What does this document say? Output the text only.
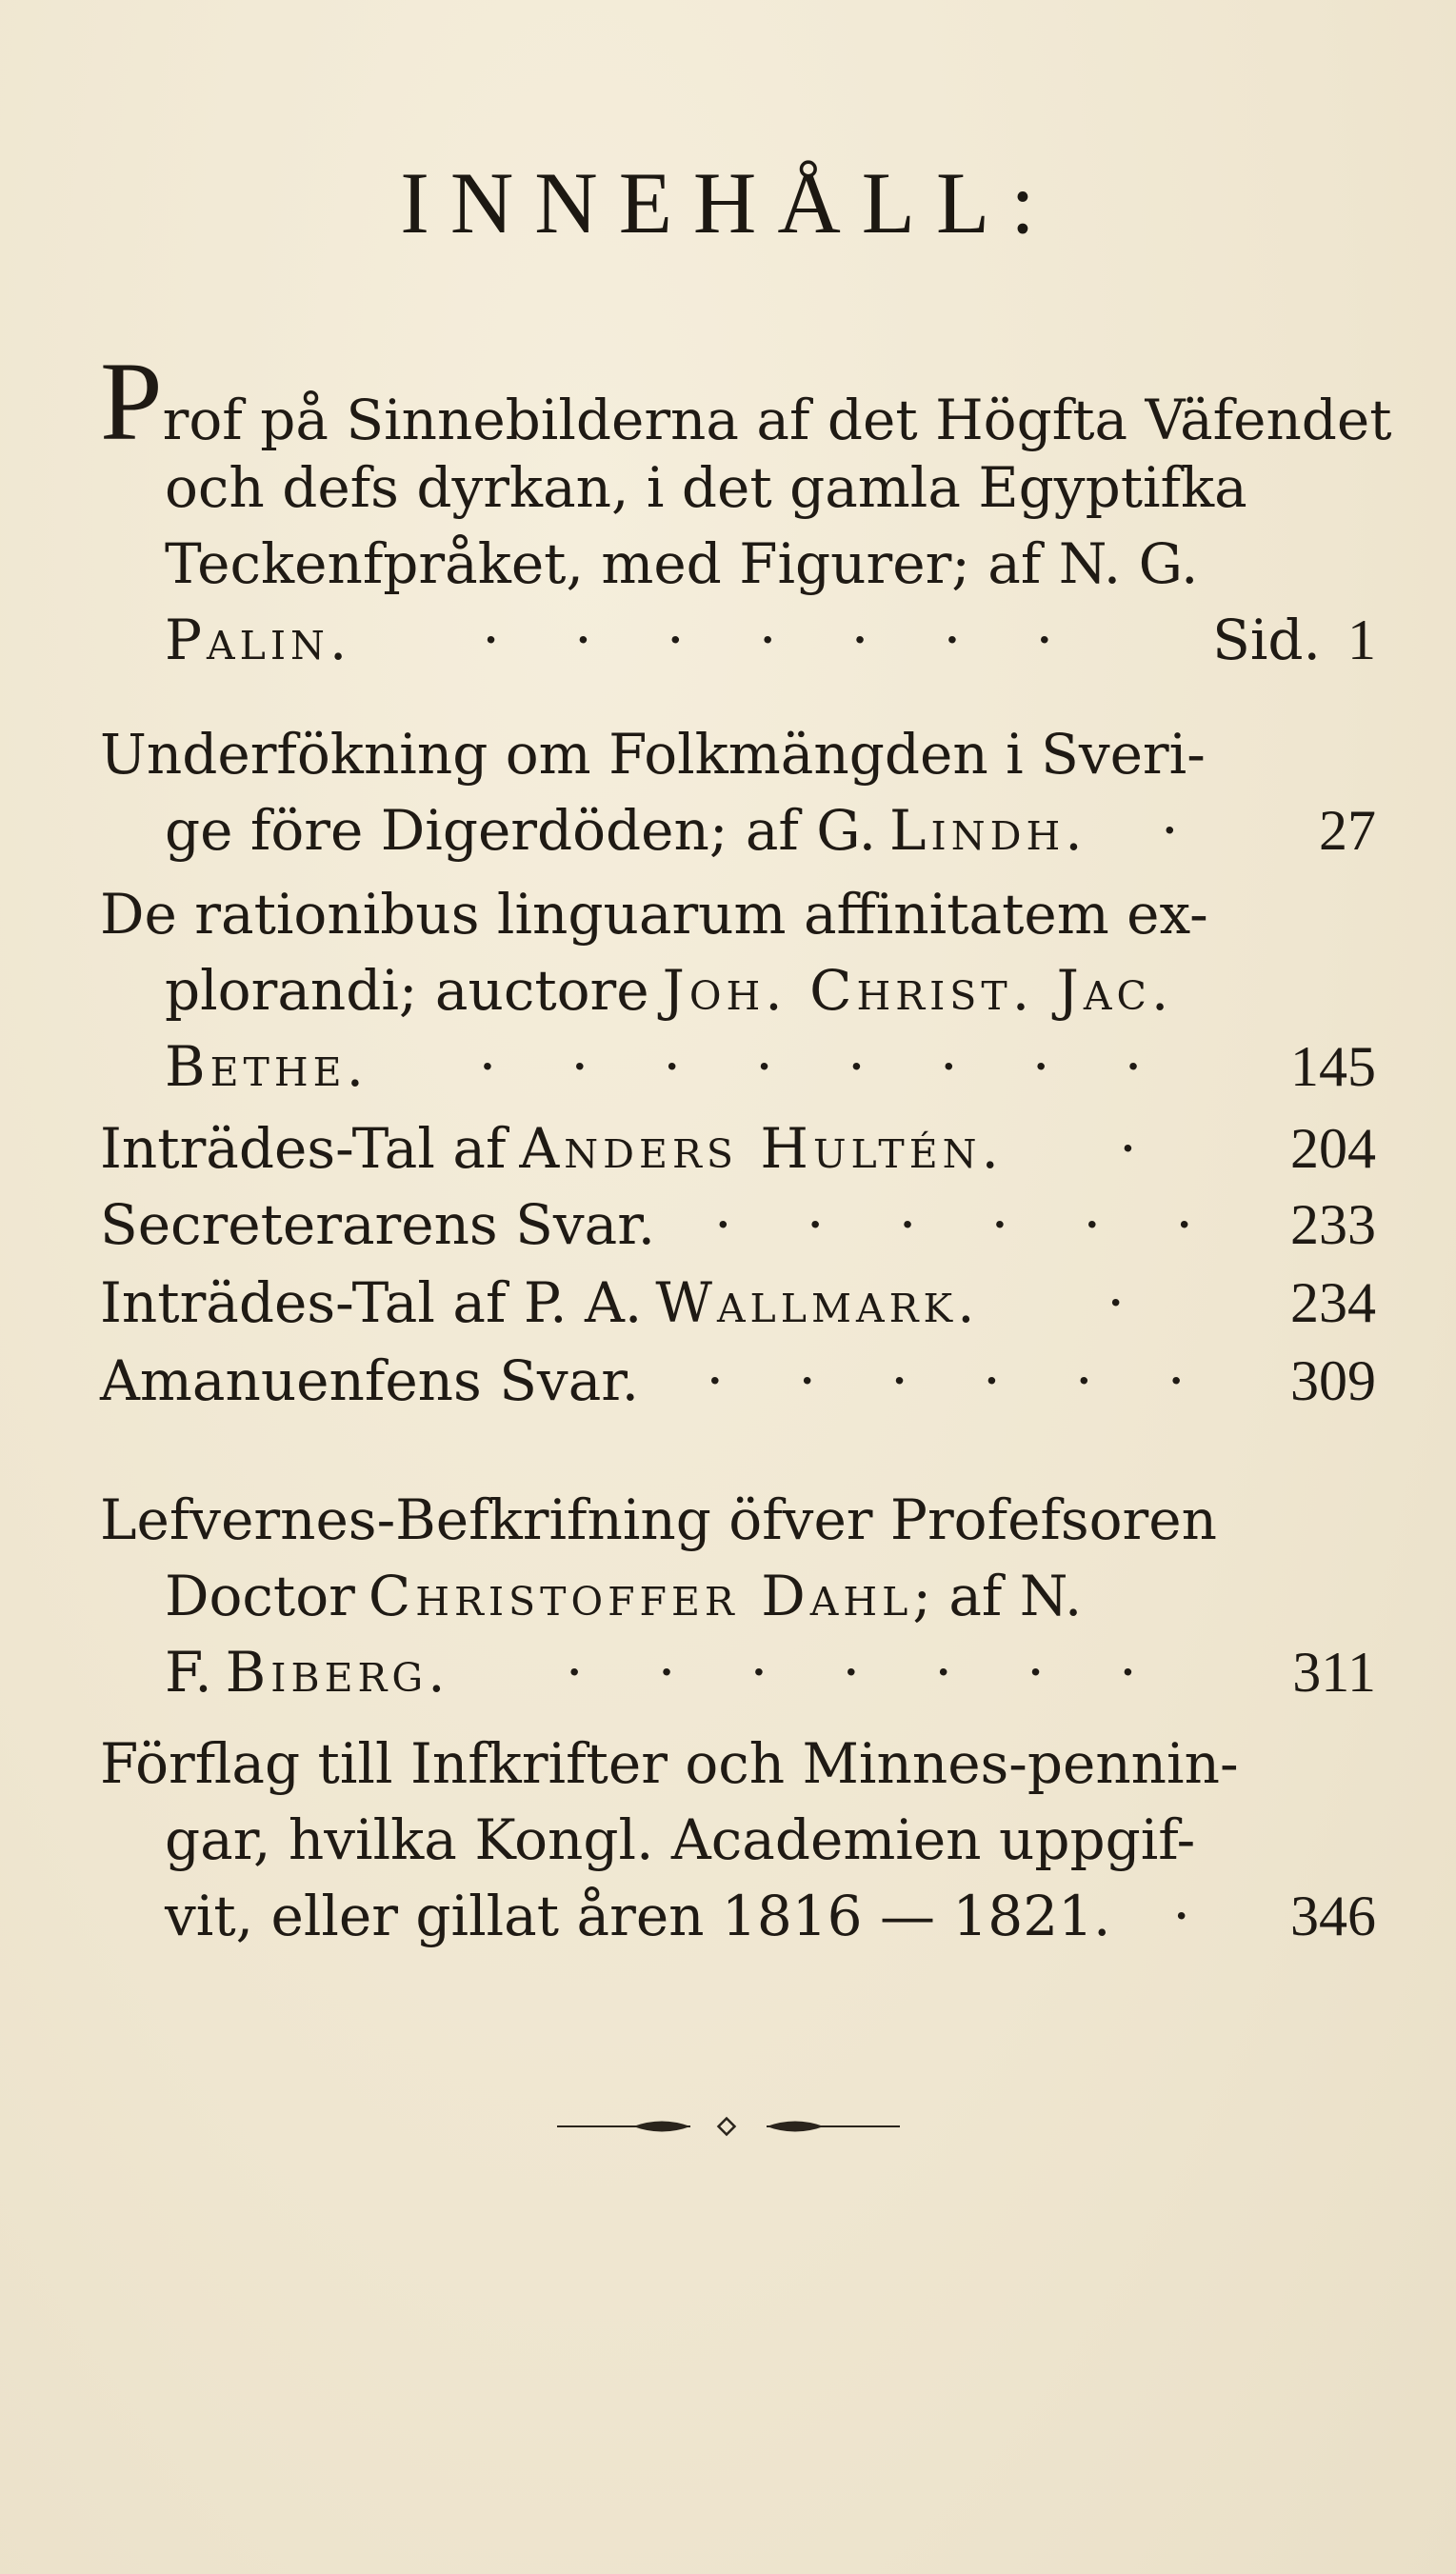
INNEHÅLL:
Prof på Sinnebilderna af det Högfta Väfendet
och defs dyrkan, i det gamla Egyptifka
Teckenfpråket, med Figurer; af N. G.
Palin.	· · · · · · ·	Sid. 1
Underfökning om Folkmängden i Sveri-
ge före Digerdöden; af G. Lindh.	·	27
De rationibus linguarum affinitatem ex-
plorandi; auctore Joh. Christ. Jac.
Bethe.	· · · · · · · ·	145
Inträdes-Tal af Anders Hultén.	·	204
Secreterarens Svar.	· · · · · ·	233
Inträdes-Tal af P. A. Wallmark.	·	234
Amanuenfens Svar.	· · · · · ·	309
Lefvernes-Befkrifning öfver Profefsoren
Doctor Christoffer Dahl ; af N.
F. Biberg.	· · · · · · ·	311
Förflag till Infkrifter och Minnes-pennin-
gar, hvilka Kongl. Academien uppgif-
vit, eller gillat åren 1816 — 1821.	·	346
